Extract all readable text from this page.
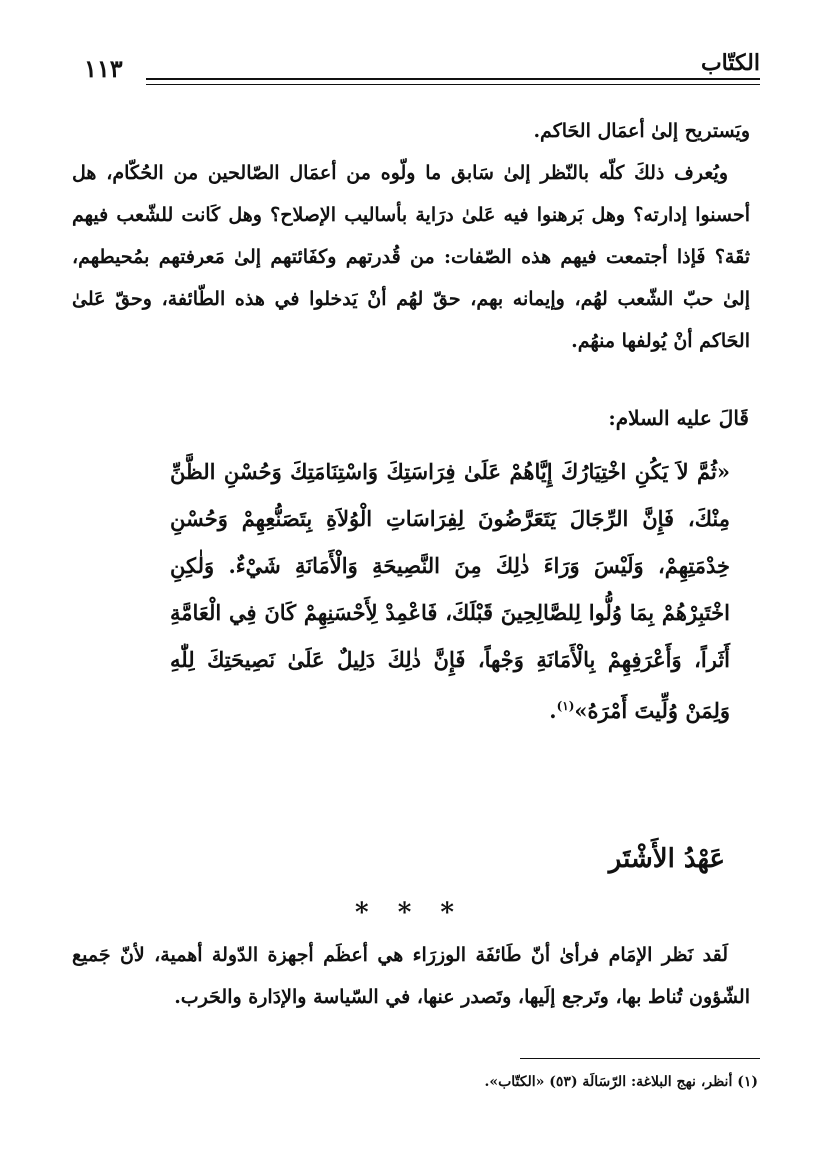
١١٣	الكتّاب
ويَستريح إلىٰ أعمَال الحَاكم.
ويُعرف ذلكَ كلّه بالنّظر إلىٰ سَابق ما ولّوه من أعمَال الصّالحين من الحُكّام، هل أحسنوا إدارته؟ وهل بَرهنوا فيه عَلىٰ درَاية بأساليب الإصلاح؟ وهل كَانت للشّعب فيهم ثقَة؟ فَإذا أجتمعت فيهم هذه الصّفات: من قُدرتهم وكفَائتهم إلىٰ مَعرفتهم بمُحيطهم، إلىٰ حبّ الشّعب لهُم، وإيمانه بهم، حقّ لهُم أنْ يَدخلوا في هذه الطّائفة، وحقّ عَلىٰ الحَاكم أنْ يُولفها منهُم.
قَالَ عليه السلام:
«ثُمَّ لاَ يَكُنِ اخْتِيَارُكَ إِيَّاهُمْ عَلَىٰ فِرَاسَتِكَ وَاسْتِنَامَتِكَ وَحُسْنِ الظَّنِّ مِنْكَ، فَإِنَّ الرِّجَالَ يَتَعَرَّضُونَ لِفِرَاسَاتِ الْوُلاَةِ بِتَصَنُّعِهِمْ وَحُسْنِ خِدْمَتِهِمْ، وَلَيْسَ وَرَاءَ ذٰلِكَ مِنَ النَّصِيحَةِ وَالْأَمَانَةِ شَيْءٌ. وَلٰكِنِ اخْتَبِرْهُمْ بِمَا وُلُّوا لِلصَّالِحِينَ قَبْلَكَ، فَاعْمِدْ لِأَحْسَنِهِمْ كَانَ فِي الْعَامَّةِ أَثَراً، وَأَعْرَفِهِمْ بِالْأَمَانَةِ وَجْهاً، فَإِنَّ ذٰلِكَ دَلِيلٌ عَلَىٰ نَصِيحَتِكَ لِلّٰهِ وَلِمَنْ وُلِّيتَ أَمْرَهُ»$^{(١)}$.
عَهْدُ الأَشْتَر
* * *
لَقد نَظر الإمَام فرأىٰ أنّ طَائفَة الوزرَاء هي أعظَم أجهزة الدّولة أهمية، لأنّ جَميع الشّؤون تُناط بها، وتَرجع إلَيها، وتَصدر عنها، في السّياسة والإدَارة والحَرب.
(١) أنظر، نهج البلاغة: الرّسَالَة (٥٣) «الكتّاب».
